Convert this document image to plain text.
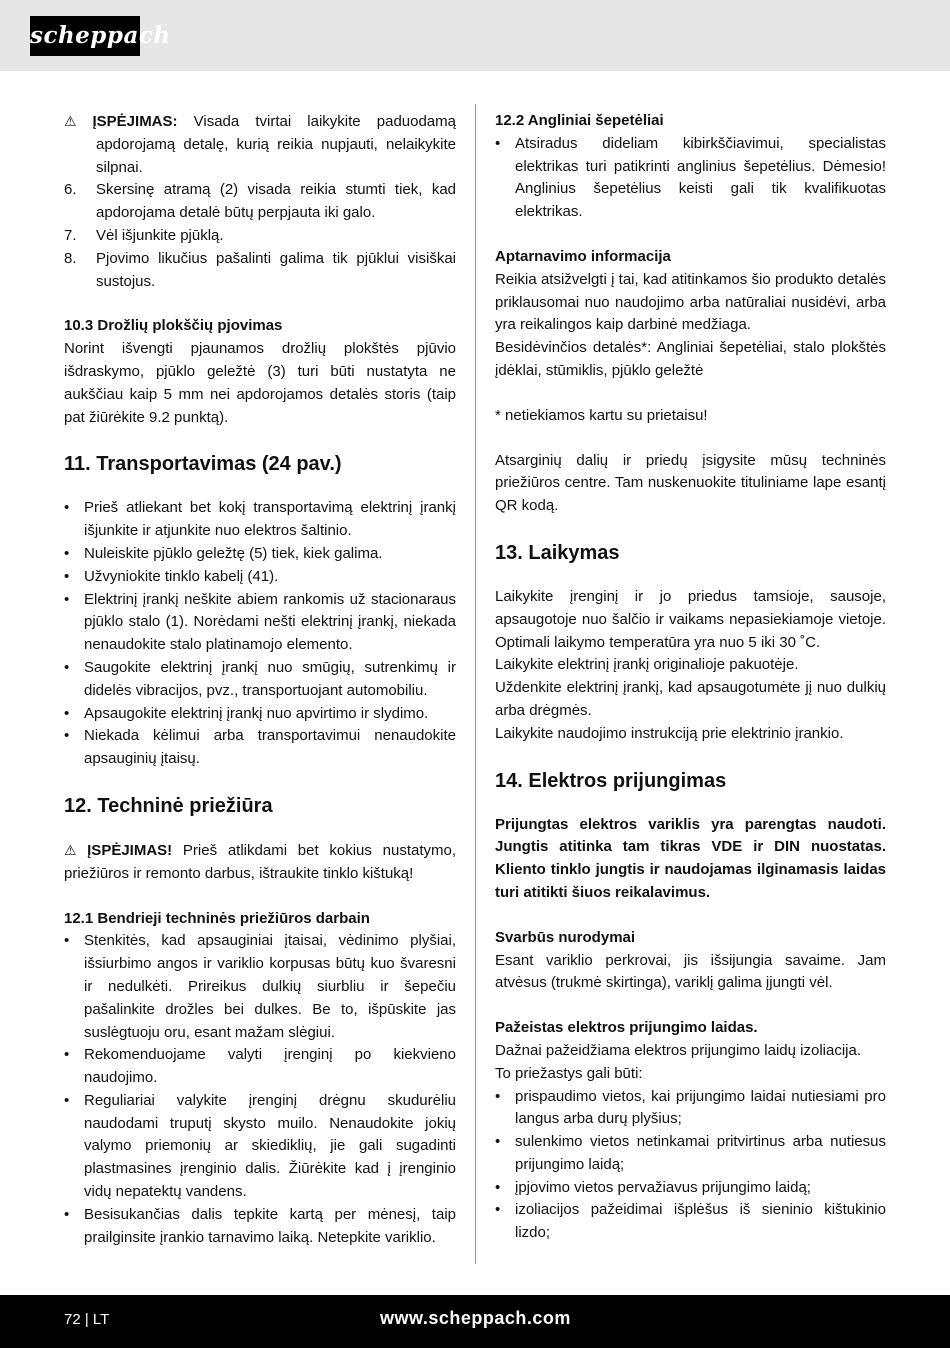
scheppach

⚠ ĮSPĖJIMAS: Visada tvirtai laikykite paduodamą apdorojamą detalę, kurią reikia nupjauti, nelaikykite silpnai.

6. Skersinę atramą (2) visada reikia stumti tiek, kad apdorojama detalė būtų perpjauta iki galo.
7. Vėl išjunkite pjūklą.
8. Pjovimo likučius pašalinti galima tik pjūklui visiškai sustojus.

10.3 Drožlių plokščių pjovimas

Norint išvengti pjaunamos drožlių plokštės pjūvio išdraskymo, pjūklo geležtė (3) turi būti nustatyta ne aukščiau kaip 5 mm nei apdorojamos detalės storis (taip pat žiūrėkite 9.2 punktą).

11. Transportavimas (24 pav.)

• Prieš atliekant bet kokį transportavimą elektrinį įrankį išjunkite ir atjunkite nuo elektros šaltinio.
• Nuleiskite pjūklo geležtę (5) tiek, kiek galima.
• Užvyniokite tinklo kabelį (41).
• Elektrinį įrankį neškite abiem rankomis už stacionaraus pjūklo stalo (1). Norėdami nešti elektrinį įrankį, niekada nenaudokite stalo platinamojo elemento.
• Saugokite elektrinį įrankį nuo smūgių, sutrenkimų ir didelės vibracijos, pvz., transportuojant automobiliu.
• Apsaugokite elektrinį įrankį nuo apvirtimo ir slydimo.
• Niekada kėlimui arba transportavimui nenaudokite apsauginių įtaisų.

12. Techninė priežiūra

⚠ ĮSPĖJIMAS! Prieš atlikdami bet kokius nustatymo, priežiūros ir remonto darbus, ištraukite tinklo kištuką!

12.1 Bendrieji techninės priežiūros darbain

• Stenkitės, kad apsauginiai įtaisai, vėdinimo plyšiai, išsiurbimo angos ir variklio korpusas būtų kuo švaresni ir nedulkėti. Prireikus dulkių siurbliu ir šepečiu pašalinkite drožles bei dulkes. Be to, išpūskite jas suslėgtuoju oru, esant mažam slėgiui.
• Rekomenduojame valyti įrenginį po kiekvieno naudojimo.
• Reguliariai valykite įrenginį drėgnu skudurėliu naudodami truputį skysto muilo. Nenaudokite jokių valymo priemonių ar skiediklių, jie gali sugadinti plastmasines įrenginio dalis. Žiūrėkite kad į įrenginio vidų nepatektų vandens.
• Besisukančias dalis tepkite kartą per mėnesį, taip prailginsite įrankio tarnavimo laiką. Netepkite variklio.

12.2 Angliniai šepetėliai

• Atsiradus dideliam kibirkščiavimui, specialistas elektrikas turi patikrinti anglinius šepetėlius. Dėmesio! Anglinius šepetėlius keisti gali tik kvalifikuotas elektrikas.

Aptarnavimo informacija

Reikia atsižvelgti į tai, kad atitinkamos šio produkto detalės priklausomai nuo naudojimo arba natūraliai nusidėvi, arba yra reikalingos kaip darbinė medžiaga.

Besidėvinčios detalės*: Angliniai šepetėliai, stalo plokštės įdėklai, stūmiklis, pjūklo geležtė

* netiekiamos kartu su prietaisu!

Atsarginių dalių ir priedų įsigysite mūsų techninės priežiūros centre. Tam nuskenuokite tituliniame lape esantį QR kodą.

13. Laikymas

Laikykite įrenginį ir jo priedus tamsioje, sausoje, apsaugotoje nuo šalčio ir vaikams nepasiekiamoje vietoje. Optimali laikymo temperatūra yra nuo 5 iki 30 ˚C.

Laikykite elektrinį įrankį originalioje pakuotėje.

Uždenkite elektrinį įrankį, kad apsaugotumėte jį nuo dulkių arba drėgmės.

Laikykite naudojimo instrukciją prie elektrinio įrankio.

14. Elektros prijungimas

Prijungtas elektros variklis yra parengtas naudoti. Jungtis atitinka tam tikras VDE ir DIN nuostatas. Kliento tinklo jungtis ir naudojamas ilginamasis laidas turi atitikti šiuos reikalavimus.

Svarbūs nurodymai

Esant variklio perkrovai, jis išsijungia savaime. Jam atvėsus (trukmė skirtinga), variklį galima įjungti vėl.

Pažeistas elektros prijungimo laidas.

Dažnai pažeidžiama elektros prijungimo laidų izoliacija.

To priežastys gali būti:

• prispaudimo vietos, kai prijungimo laidai nutiesiami pro langus arba durų plyšius;
• sulenkimo vietos netinkamai pritvirtinus arba nutiesus prijungimo laidą;
• įpjovimo vietos pervažiavus prijungimo laidą;
• izoliacijos pažeidimai išplėšus iš sieninio kištukinio lizdo;
72 | LT	www.scheppach.com
